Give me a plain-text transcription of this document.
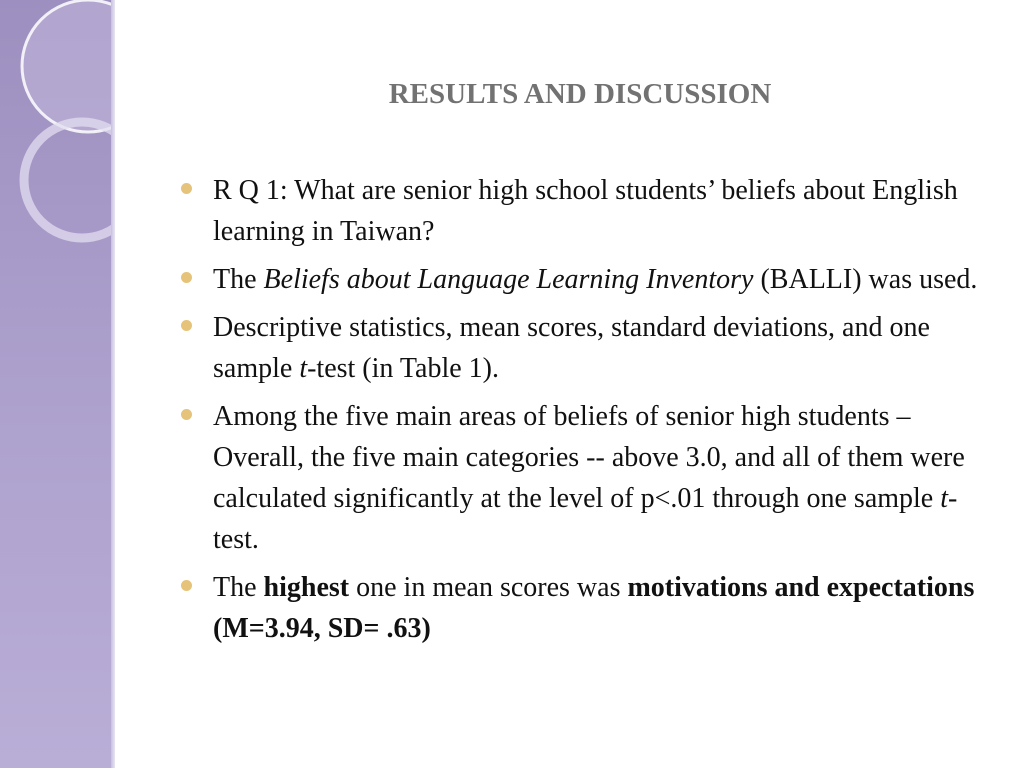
RESULTS AND DISCUSSION
R Q 1: What are senior high school students’ beliefs about English learning in Taiwan?
The Beliefs about Language Learning Inventory (BALLI) was used.
Descriptive statistics, mean scores, standard deviations, and one sample t-test (in Table 1).
Among the five main areas of beliefs of senior high students – Overall, the five main categories -- above 3.0, and all of them were calculated significantly at the level of p<.01 through one sample t-test.
The highest one in mean scores was motivations and expectations (M=3.94, SD= .63)
